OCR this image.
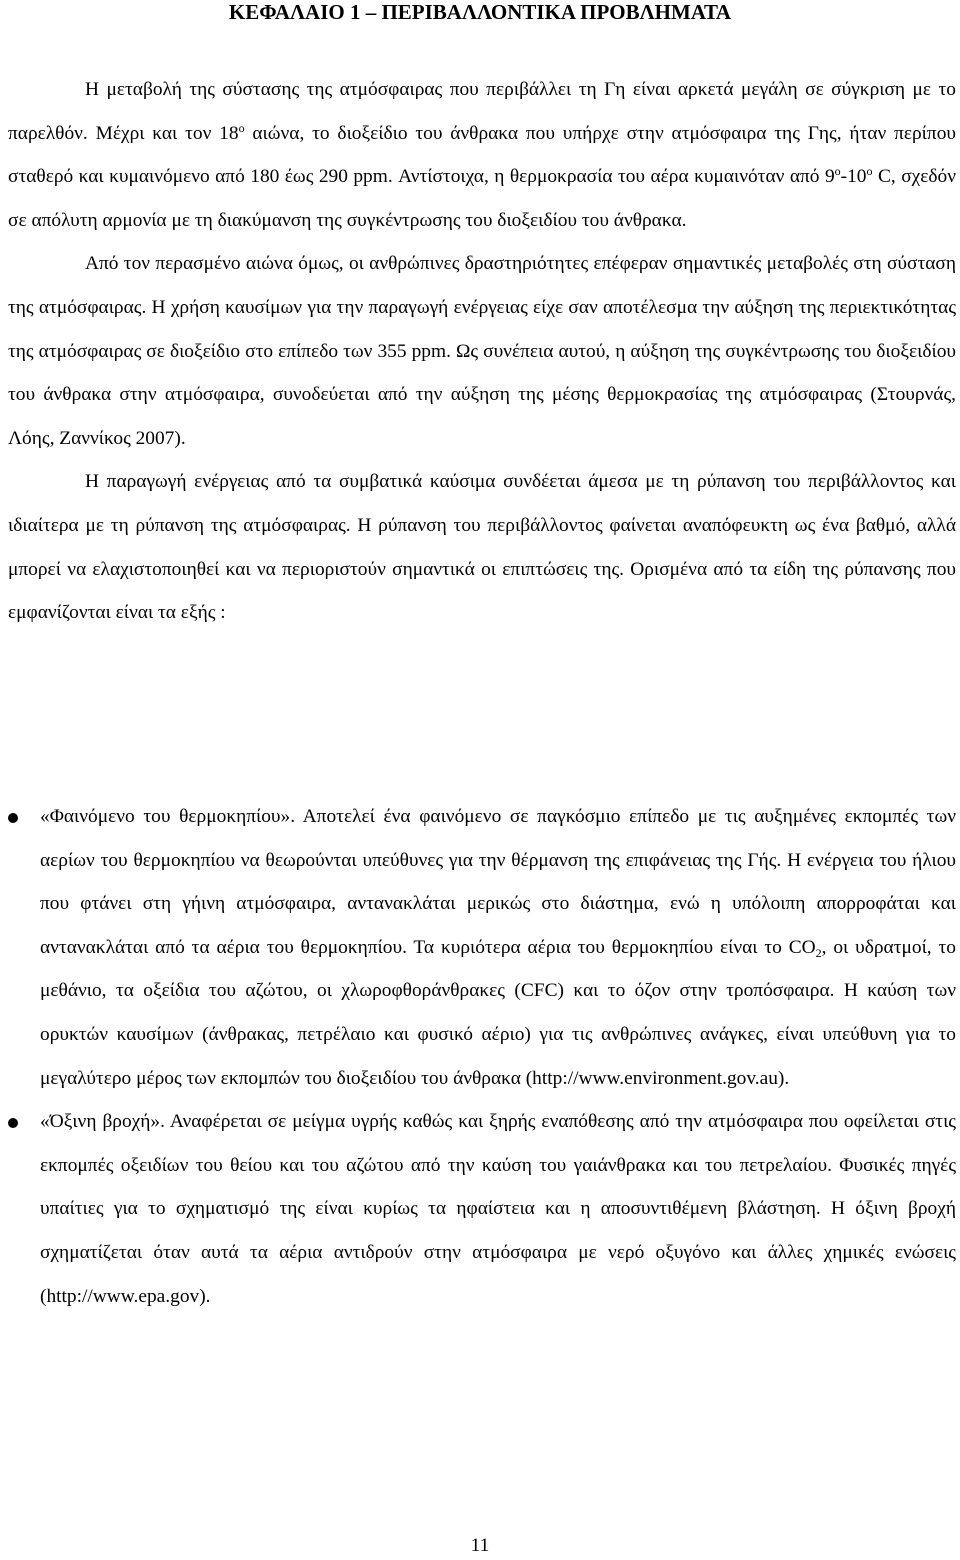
ΚΕΦΑΛΑΙΟ 1 – ΠΕΡΙΒΑΛΛΟΝΤΙΚΑ ΠΡΟΒΛΗΜΑΤΑ

Η μεταβολή της σύστασης της ατμόσφαιρας που περιβάλλει τη Γη είναι αρκετά μεγάλη σε σύγκριση με το παρελθόν. Μέχρι και τον $18^o$ αιώνα, το διοξείδιο του άνθρακα που υπήρχε στην ατμόσφαιρα της Γης, ήταν περίπου σταθερό και κυμαινόμενο από 180 έως 290 ppm. Αντίστοιχα, η θερμοκρασία του αέρα κυμαινόταν από $9^o-10^o$ C, σχεδόν σε απόλυτη αρμονία με τη διακύμανση της συγκέντρωσης του διοξειδίου του άνθρακα.

Από τον περασμένο αιώνα όμως, οι ανθρώπινες δραστηριότητες επέφεραν σημαντικές μεταβολές στη σύσταση της ατμόσφαιρας. Η χρήση καυσίμων για την παραγωγή ενέργειας είχε σαν αποτέλεσμα την αύξηση της περιεκτικότητας της ατμόσφαιρας σε διοξείδιο στο επίπεδο των 355 ppm. Ως συνέπεια αυτού, η αύξηση της συγκέντρωσης του διοξειδίου του άνθρακα στην ατμόσφαιρα, συνοδεύεται από την αύξηση της μέσης θερμοκρασίας της ατμόσφαιρας (Στουρνάς, Λόης, Ζαννίκος 2007).

Η παραγωγή ενέργειας από τα συμβατικά καύσιμα συνδέεται άμεσα με τη ρύπανση του περιβάλλοντος και ιδιαίτερα με τη ρύπανση της ατμόσφαιρας. Η ρύπανση του περιβάλλοντος φαίνεται αναπόφευκτη ως ένα βαθμό, αλλά μπορεί να ελαχιστοποιηθεί και να περιοριστούν σημαντικά οι επιπτώσεις της. Ορισμένα από τα είδη της ρύπανσης που εμφανίζονται είναι τα εξής :

«Φαινόμενο του θερμοκηπίου». Αποτελεί ένα φαινόμενο σε παγκόσμιο επίπεδο με τις αυξημένες εκπομπές των αερίων του θερμοκηπίου να θεωρούνται υπεύθυνες για την θέρμανση της επιφάνειας της Γής. Η ενέργεια του ήλιου που φτάνει στη γήινη ατμόσφαιρα, αντανακλάται μερικώς στο διάστημα, ενώ η υπόλοιπη απορροφάται και αντανακλάται από τα αέρια του θερμοκηπίου. Τα κυριότερα αέρια του θερμοκηπίου είναι το $CO_2$, οι υδρατμοί, το μεθάνιο, τα οξείδια του αζώτου, οι χλωροφθοράνθρακες (CFC) και το όζον στην τροπόσφαιρα. Η καύση των ορυκτών καυσίμων (άνθρακας, πετρέλαιο και φυσικό αέριο) για τις ανθρώπινες ανάγκες, είναι υπεύθυνη για το μεγαλύτερο μέρος των εκπομπών του διοξειδίου του άνθρακα (http://www.environment.gov.au).
«Όξινη βροχή». Αναφέρεται σε μείγμα υγρής καθώς και ξηρής εναπόθεσης από την ατμόσφαιρα που οφείλεται στις εκπομπές οξειδίων του θείου και του αζώτου από την καύση του γαιάνθρακα και του πετρελαίου. Φυσικές πηγές υπαίτιες για το σχηματισμό της είναι κυρίως τα ηφαίστεια και η αποσυντιθέμενη βλάστηση. Η όξινη βροχή σχηματίζεται όταν αυτά τα αέρια αντιδρούν στην ατμόσφαιρα με νερό οξυγόνο και άλλες χημικές ενώσεις (http://www.epa.gov).
11
